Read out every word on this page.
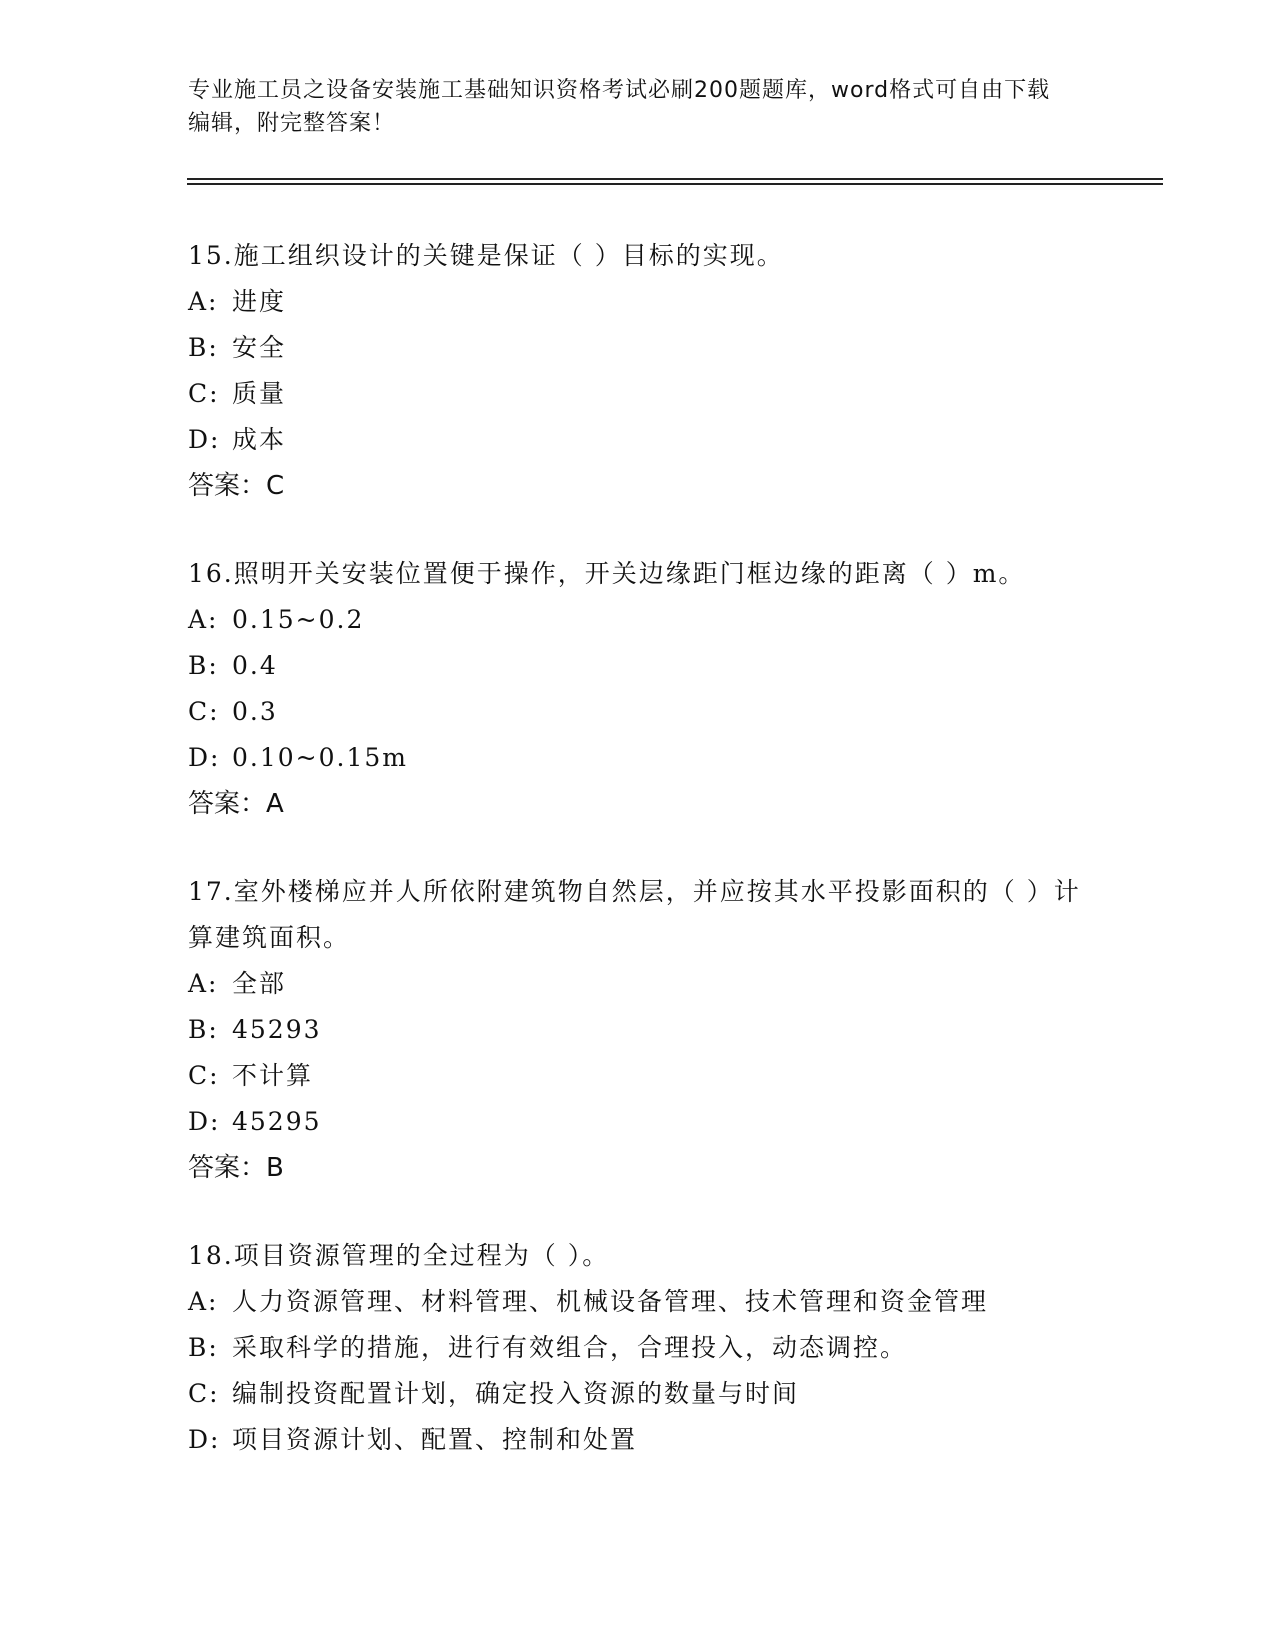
专业施工员之设备安装施工基础知识资格考试必刷200题题库，word格式可自由下载编辑，附完整答案！
15.施工组织设计的关键是保证（ ）目标的实现。
A: 进度
B: 安全
C: 质量
D: 成本
答案：C
16.照明开关安装位置便于操作，开关边缘距门框边缘的距离（ ）m。
A: 0.15~0.2
B: 0.4
C: 0.3
D: 0.10~0.15m
答案：A
17.室外楼梯应并人所依附建筑物自然层，并应按其水平投影面积的（ ）计算建筑面积。
A: 全部
B: 45293
C: 不计算
D: 45295
答案：B
18.项目资源管理的全过程为（ ）。
A: 人力资源管理、材料管理、机械设备管理、技术管理和资金管理
B: 采取科学的措施，进行有效组合，合理投入，动态调控。
C: 编制投资配置计划，确定投入资源的数量与时间
D: 项目资源计划、配置、控制和处置
